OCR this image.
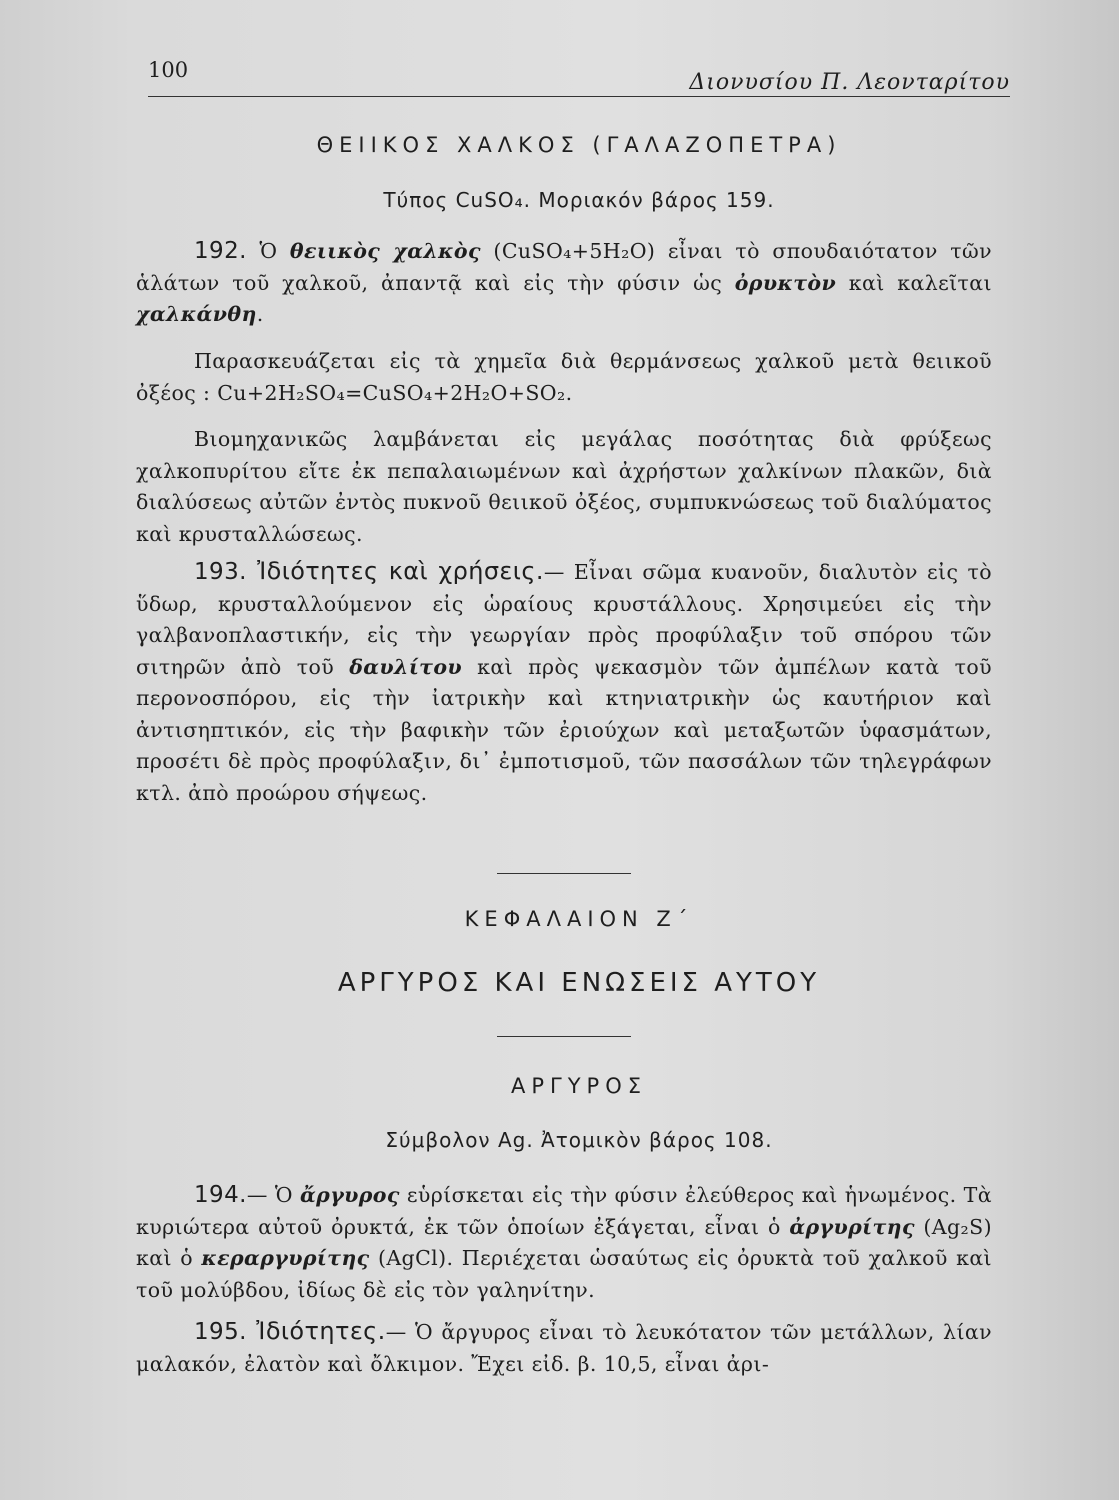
100	Διονυσίου Π. Λεονταρίτου
ΘΕΙΙΚΟΣ ΧΑΛΚΟΣ (ΓΑΛΑΖΟΠΕΤΡΑ)
Τύπος CuSO₄. Μοριακόν βάρος 159.
192. Ὁ θειικὸς χαλκὸς (CuSO₄+5H₂O) εἶναι τὸ σπουδαιότατον τῶν ἁλάτων τοῦ χαλκοῦ, ἀπαντᾷ καὶ εἰς τὴν φύσιν ὡς ὀρυκτὸν καὶ καλεῖται χαλκάνθη.
Παρασκευάζεται εἰς τὰ χημεῖα διὰ θερμάνσεως χαλκοῦ μετὰ θειικοῦ ὀξέος : Cu+2H₂SO₄=CuSO₄+2H₂O+SO₂.
Βιομηχανικῶς λαμβάνεται εἰς μεγάλας ποσότητας διὰ φρύξεως χαλκοπυρίτου εἴτε ἐκ πεπαλαιωμένων καὶ ἀχρήστων χαλκίνων πλακῶν, διὰ διαλύσεως αὐτῶν ἐντὸς πυκνοῦ θειικοῦ ὀξέος, συμπυκνώσεως τοῦ διαλύματος καὶ κρυσταλλώσεως.
193. Ἰδιότητες καὶ χρήσεις.— Εἶναι σῶμα κυανοῦν, διαλυτὸν εἰς τὸ ὕδωρ, κρυσταλλούμενον εἰς ὡραίους κρυστάλλους. Χρησιμεύει εἰς τὴν γαλβανοπλαστικήν, εἰς τὴν γεωργίαν πρὸς προφύλαξιν τοῦ σπόρου τῶν σιτηρῶν ἀπὸ τοῦ δαυλίτου καὶ πρὸς ψεκασμὸν τῶν ἀμπέλων κατὰ τοῦ περονοσπόρου, εἰς τὴν ἰατρικὴν καὶ κτηνιατρικὴν ὡς καυτήριον καὶ ἀντισηπτικόν, εἰς τὴν βαφικὴν τῶν ἐριούχων καὶ μεταξωτῶν ὑφασμάτων, προσέτι δὲ πρὸς προφύλαξιν, δι᾿ ἐμποτισμοῦ, τῶν πασσάλων τῶν τηλεγράφων κτλ. ἀπὸ προώρου σήψεως.
ΚΕΦΑΛΑΙΟΝ Ζ΄
ΑΡΓΥΡΟΣ ΚΑΙ ΕΝΩΣΕΙΣ ΑΥΤΟΥ
ΑΡΓΥΡΟΣ
Σύμβολον Ag. Ἀτομικὸν βάρος 108.
194.— Ὁ ἄργυρος εὑρίσκεται εἰς τὴν φύσιν ἐλεύθερος καὶ ἡνωμένος. Τὰ κυριώτερα αὐτοῦ ὀρυκτά, ἐκ τῶν ὁποίων ἐξάγεται, εἶναι ὁ ἀργυρίτης (Ag₂S) καὶ ὁ κεραργυρίτης (AgCl). Περιέχεται ὡσαύτως εἰς ὀρυκτὰ τοῦ χαλκοῦ καὶ τοῦ μολύβδου, ἰδίως δὲ εἰς τὸν γαληνίτην.
195. Ἰδιότητες.— Ὁ ἄργυρος εἶναι τὸ λευκότατον τῶν μετάλλων, λίαν μαλακόν, ἐλατὸν καὶ ὄλκιμον. Ἔχει εἰδ. β. 10,5, εἶναι ἀρι-
